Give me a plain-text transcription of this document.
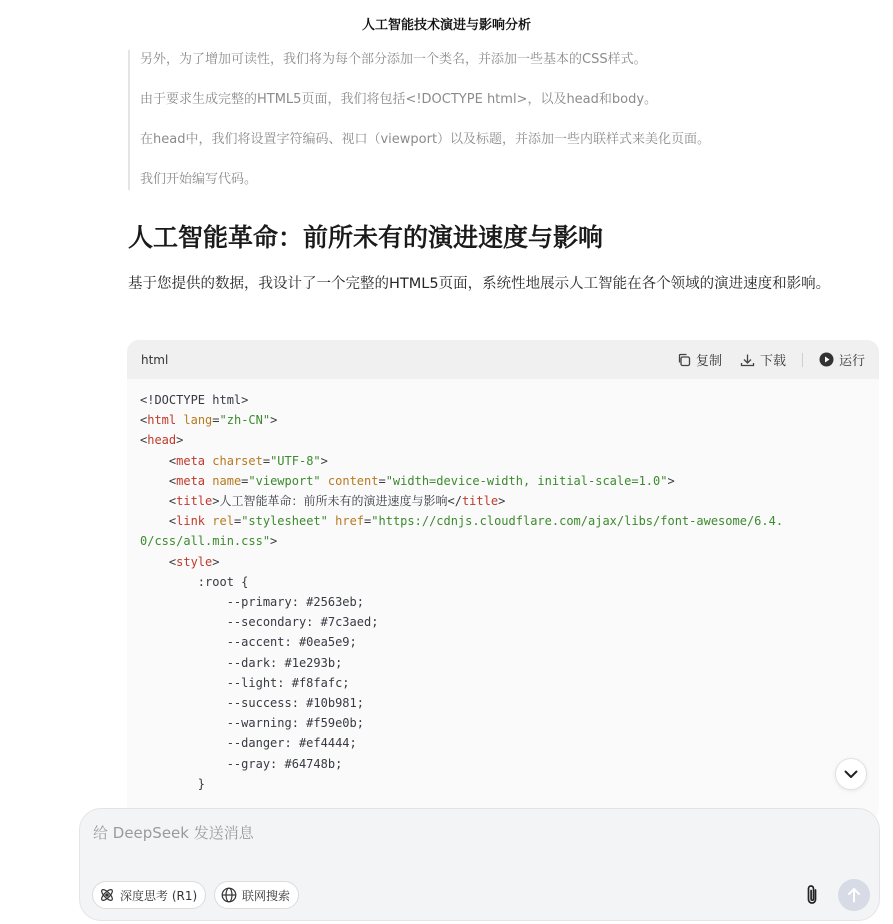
人工智能技术演进与影响分析

另外，为了增加可读性，我们将为每个部分添加一个类名，并添加一些基本的CSS样式。

由于要求生成完整的HTML5页面，我们将包括<!DOCTYPE html>，以及head和body。

在head中，我们将设置字符编码、视口（viewport）以及标题，并添加一些内联样式来美化页面。

我们开始编写代码。

人工智能革命：前所未有的演进速度与影响

基于您提供的数据，我设计了一个完整的HTML5页面，系统性地展示人工智能在各个领域的演进速度和影响。

html	复制	下载	运行
<!DOCTYPE html>
<html lang="zh-CN">
<head>
<meta charset="UTF-8">
<meta name="viewport" content="width=device-width, initial-scale=1.0">
<title>人工智能革命：前所未有的演进速度与影响</title>
<link rel="stylesheet" href="https://cdnjs.cloudflare.com/ajax/libs/font-awesome/6.4.
0/css/all.min.css">
<style>
:root {
--primary: #2563eb;
--secondary: #7c3aed;
--accent: #0ea5e9;
--dark: #1e293b;
--light: #f8fafc;
--success: #10b981;
--warning: #f59e0b;
--danger: #ef4444;
--gray: #64748b;
}
给 DeepSeek 发送消息
深度思考 (R1)	联网搜索
